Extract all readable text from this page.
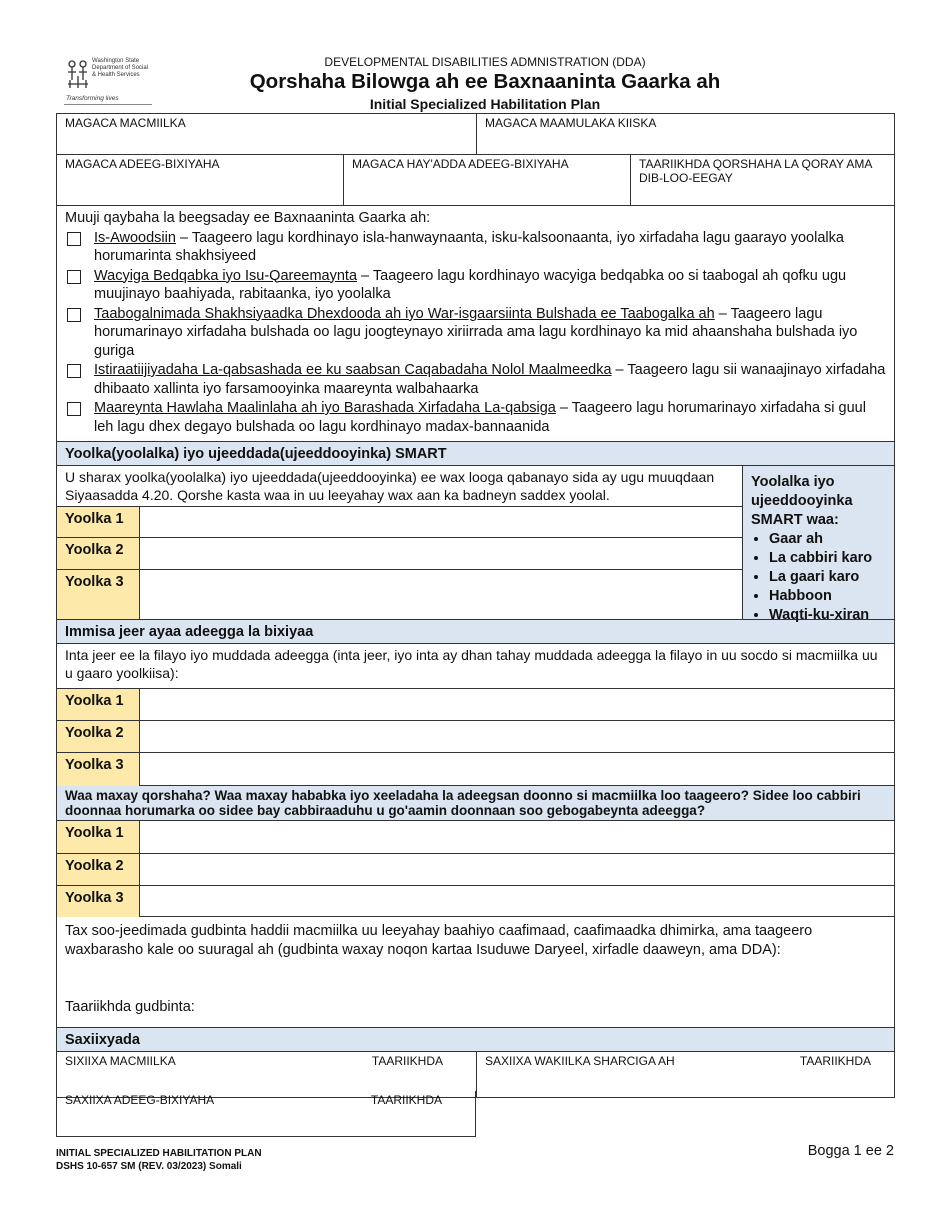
Washington State
Department of Social
& Health Services
Transforming lives
DEVELOPMENTAL DISABILITIES ADMNISTRATION (DDA)
Qorshaha Bilowga ah ee Baxnaaninta Gaarka ah
Initial Specialized Habilitation Plan
MAGACA MACMIILKA	MAGACA MAAMULAKA KIISKA
MAGACA ADEEG-BIXIYAHA	MAGACA HAY'ADDA ADEEG-BIXIYAHA	TAARIIKHDA QORSHAHA LA QORAY AMA DIB-LOO-EEGAY
Muuji qaybaha la beegsaday ee Baxnaaninta Gaarka ah:
Is-Awoodsiin – Taageero lagu kordhinayo isla-hanwaynaanta, isku-kalsoonaanta, iyo xirfadaha lagu gaarayo yoolalka horumarinta shakhsiyeed
Wacyiga Bedqabka iyo Isu-Qareemaynta – Taageero lagu kordhinayo wacyiga bedqabka oo si taabogal ah qofku ugu muujinayo baahiyada, rabitaanka, iyo yoolalka
Taabogalnimada Shakhsiyaadka Dhexdooda ah iyo War-isgaarsiinta Bulshada ee Taabogalka ah – Taageero lagu horumarinayo xirfadaha bulshada oo lagu joogteynayo xiriirrada ama lagu kordhinayo ka mid ahaanshaha bulshada iyo guriga
Istiraatiijiyadaha La-qabsashada ee ku saabsan Caqabadaha Nolol Maalmeedka – Taageero lagu sii wanaajinayo xirfadaha dhibaato xallinta iyo farsamooyinka maareynta walbahaarka
Maareynta Hawlaha Maalinlaha ah iyo Barashada Xirfadaha La-qabsiga – Taageero lagu horumarinayo xirfadaha si guul leh lagu dhex degayo bulshada oo lagu kordhinayo madax-bannaanida
Yoolka(yoolalka) iyo ujeeddada(ujeeddooyinka) SMART
U sharax yoolka(yoolalka) iyo ujeeddada(ujeeddooyinka) ee wax looga qabanayo sida ay ugu muuqdaan Siyaasadda 4.20. Qorshe kasta waa in uu leeyahay wax aan ka badneyn saddex yoolal.
Yoolka 1
Yoolka 2
Yoolka 3
Yoolalka iyo ujeeddooyinka SMART waa:
• Gaar ah
• La cabbiri karo
• La gaari karo
• Habboon
• Waqti-ku-xiran
Immisa jeer ayaa adeegga la bixiyaa
Inta jeer ee la filayo iyo muddada adeegga (inta jeer, iyo inta ay dhan tahay muddada adeegga la filayo in uu socdo si macmiilka uu u gaaro yoolkiisa):
Yoolka 1
Yoolka 2
Yoolka 3
Waa maxay qorshaha? Waa maxay hababka iyo xeeladaha la adeegsan doonno si macmiilka loo taageero? Sidee loo cabbiri doonnaa horumarka oo sidee bay cabbiraaduhu u go'aamin doonnaan soo gebogabeynta adeegga?
Yoolka 1
Yoolka 2
Yoolka 3
Tax soo-jeedimada gudbinta haddii macmiilka uu leeyahay baahiyo caafimaad, caafimaadka dhimirka, ama taageero waxbarasho kale oo suuragal ah (gudbinta waxay noqon kartaa Isuduwe Daryeel, xirfadle daaweyn, ama DDA):
Taariikhda gudbinta:
Saxiixyada
SIXIIXA MACMIILKA	TAARIIKHDA	SAXIIXA WAKIILKA SHARCIGA AH	TAARIIKHDA
SAXIIXA ADEEG-BIXIYAHA	TAARIIKHDA
INITIAL SPECIALIZED HABILITATION PLAN
DSHS 10-657 SM (REV. 03/2023) Somali
Bogga 1 ee 2
